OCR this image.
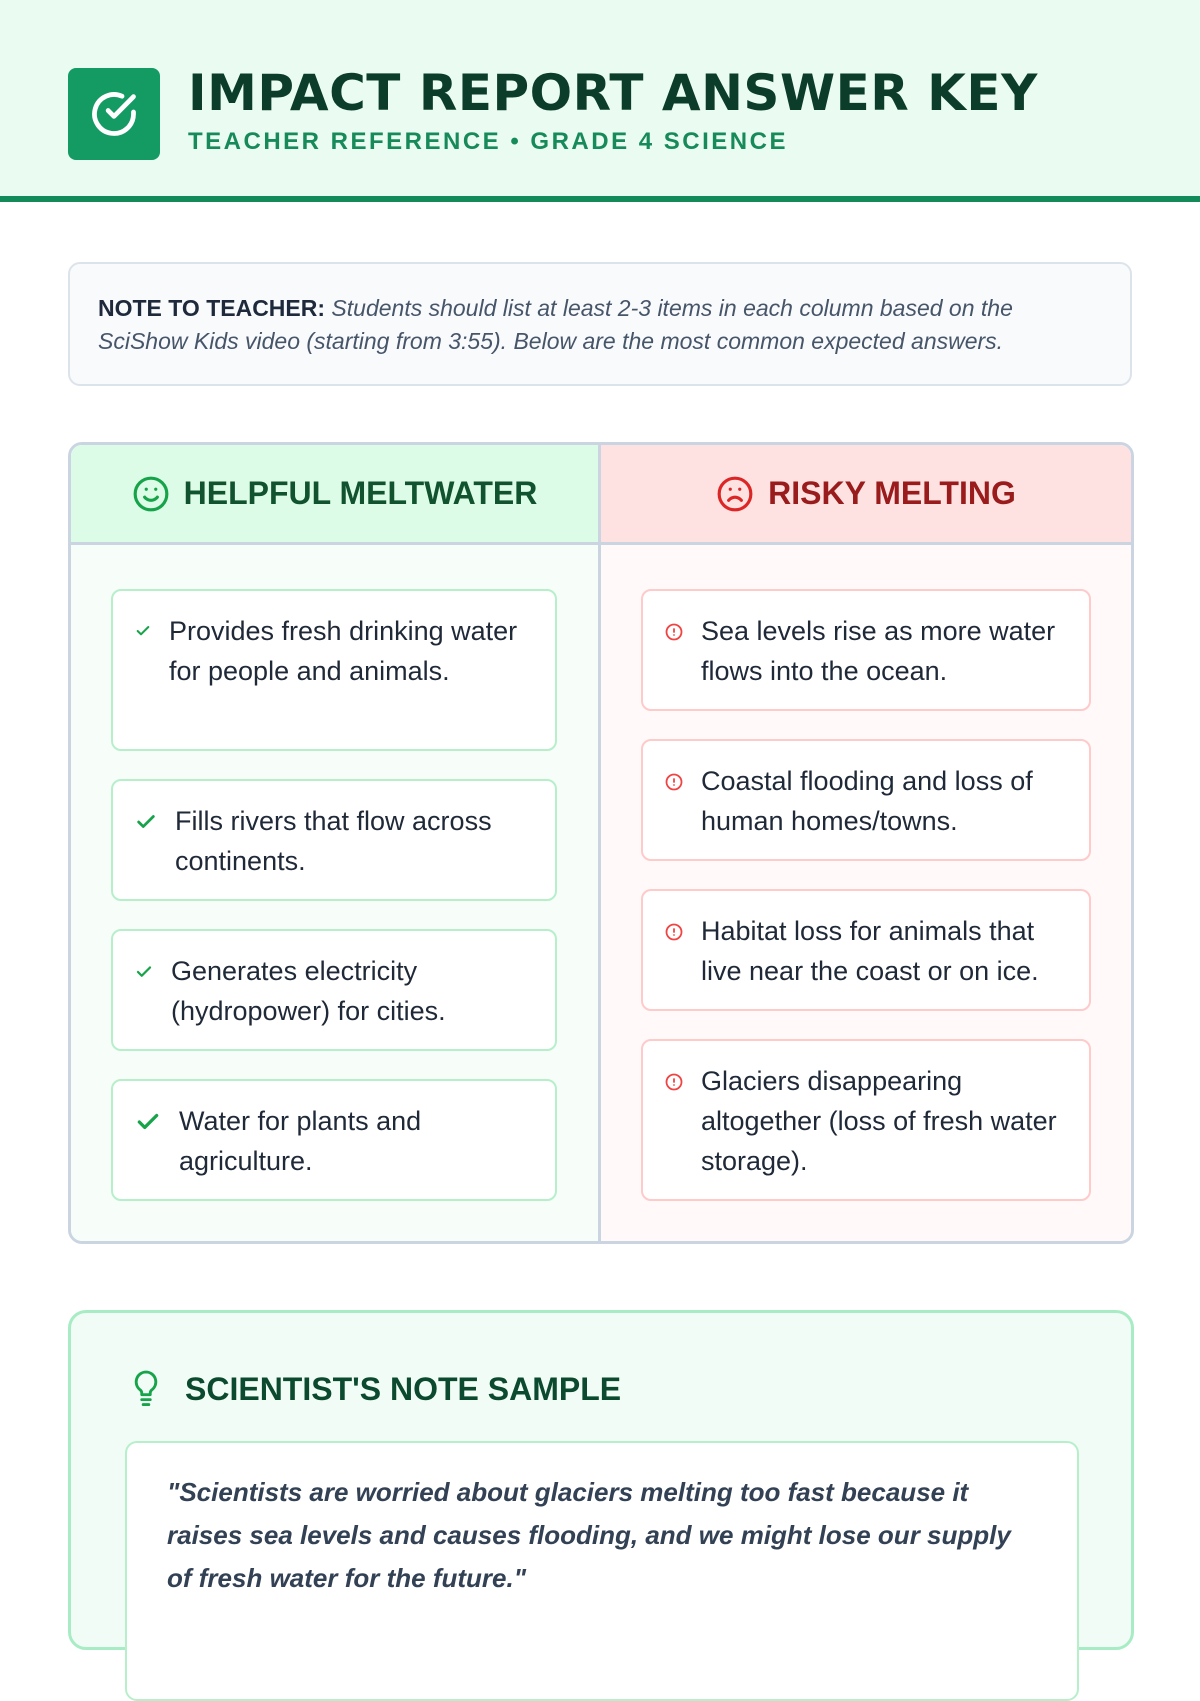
IMPACT REPORT ANSWER KEY
TEACHER REFERENCE • GRADE 4 SCIENCE
NOTE TO TEACHER: Students should list at least 2-3 items in each column based on the SciShow Kids video (starting from 3:55). Below are the most common expected answers.
HELPFUL MELTWATER
Provides fresh drinking water for people and animals.
Fills rivers that flow across continents.
Generates electricity (hydropower) for cities.
Water for plants and agriculture.
RISKY MELTING
Sea levels rise as more water flows into the ocean.
Coastal flooding and loss of human homes/towns.
Habitat loss for animals that live near the coast or on ice.
Glaciers disappearing altogether (loss of fresh water storage).
SCIENTIST'S NOTE SAMPLE
"Scientists are worried about glaciers melting too fast because it raises sea levels and causes flooding, and we might lose our supply of fresh water for the future."
